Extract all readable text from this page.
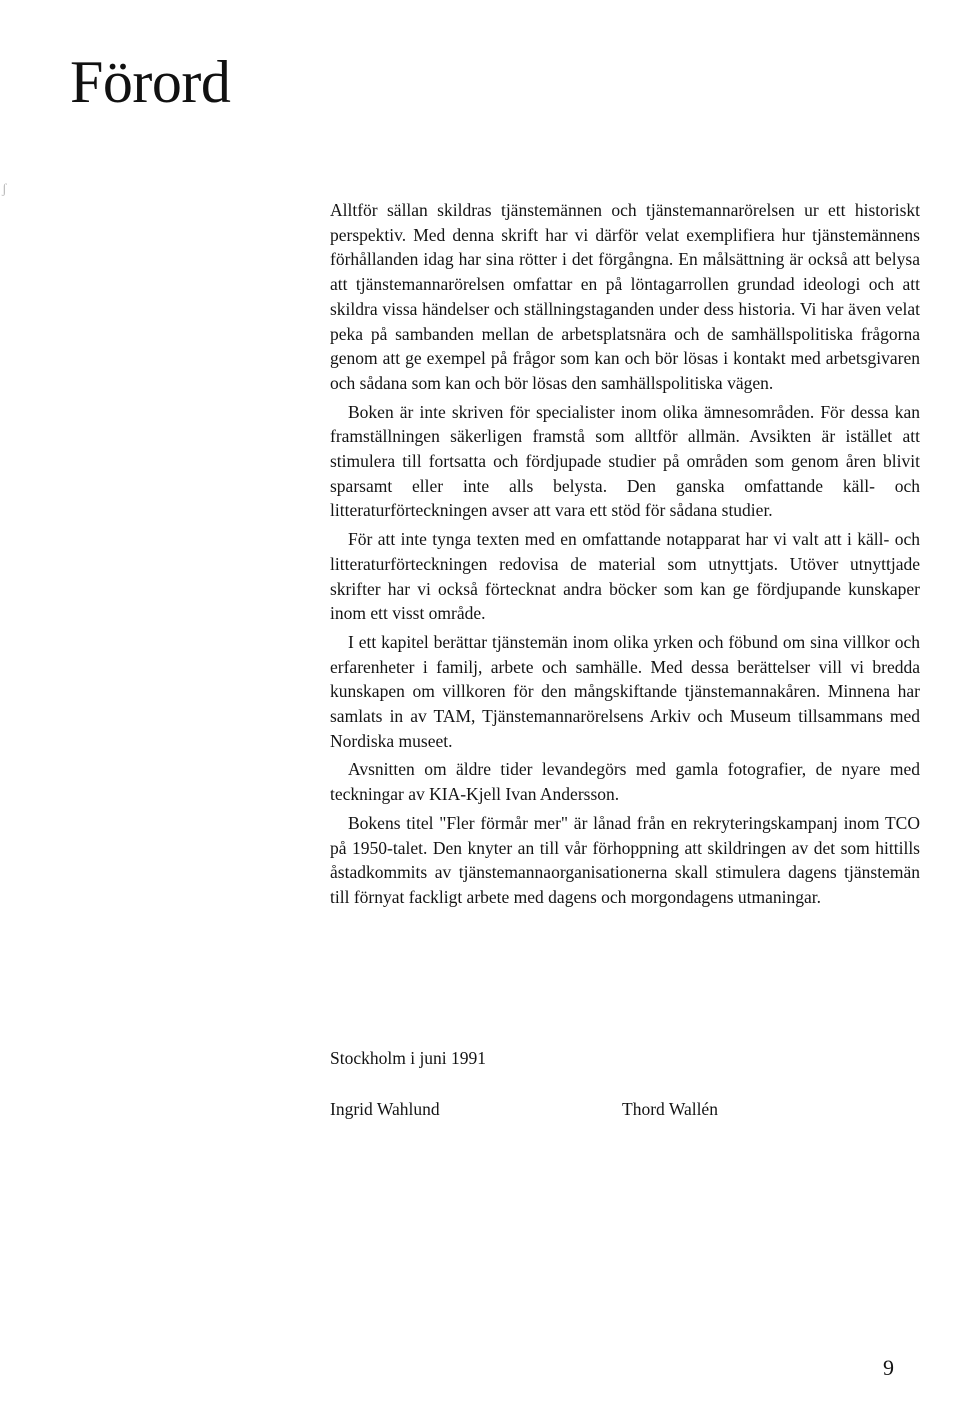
Förord
ʃ

Alltför sällan skildras tjänstemännen och tjänstemannarörelsen ur ett historiskt perspektiv. Med denna skrift har vi därför velat exemplifiera hur tjänstemännens förhållanden idag har sina rötter i det förgångna. En målsättning är också att belysa att tjänstemannarörelsen omfattar en på löntagarrollen grundad ideologi och att skildra vissa händelser och ställningstaganden under dess historia. Vi har även velat peka på sambanden mellan de arbetsplatsnära och de samhällspolitiska frågorna genom att ge exempel på frågor som kan och bör lösas i kontakt med arbetsgivaren och sådana som kan och bör lösas den samhällspolitiska vägen.

Boken är inte skriven för specialister inom olika ämnesområden. För dessa kan framställningen säkerligen framstå som alltför allmän. Avsikten är istället att stimulera till fortsatta och fördjupade studier på områden som genom åren blivit sparsamt eller inte alls belysta. Den ganska omfattande käll- och litteraturförteckningen avser att vara ett stöd för sådana studier.

För att inte tynga texten med en omfattande notapparat har vi valt att i käll- och litteraturförteckningen redovisa de material som utnyttjats. Utöver utnyttjade skrifter har vi också förtecknat andra böcker som kan ge fördjupande kunskaper inom ett visst område.

I ett kapitel berättar tjänstemän inom olika yrken och föbund om sina villkor och erfarenheter i familj, arbete och samhälle. Med dessa berättelser vill vi bredda kunskapen om villkoren för den mångskiftande tjänstemannakåren. Minnena har samlats in av TAM, Tjänstemannarörelsens Arkiv och Museum tillsammans med Nordiska museet.

Avsnitten om äldre tider levandegörs med gamla fotografier, de nyare med teckningar av KIA-Kjell Ivan Andersson.

Bokens titel "Fler förmår mer" är lånad från en rekryteringskampanj inom TCO på 1950-talet. Den knyter an till vår förhoppning att skildringen av det som hittills åstadkommits av tjänstemannaorganisationerna skall stimulera dagens tjänstemän till förnyat fackligt arbete med dagens och morgondagens utmaningar.

Stockholm i juni 1991
Ingrid Wahlund	Thord Wallén
9
